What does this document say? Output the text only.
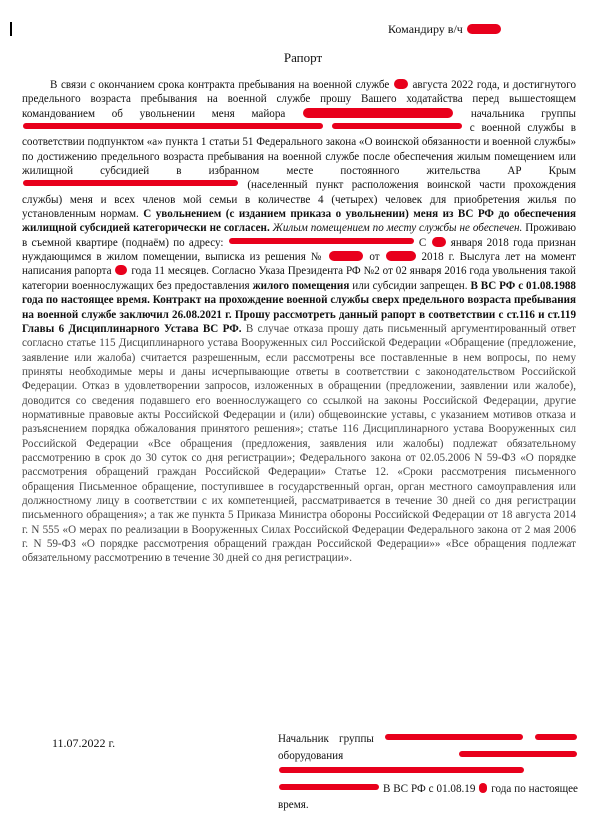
Командиру в/ч
Рапорт

В связи с окончанием срока контракта пребывания на военной службе августа 2022 года, и достигнутого предельного возраста пребывания на военной службе прошу Вашего ходатайства перед вышестоящем командованием об увольнении меня майора	начальника группы   с военной службы в соответствии подпунктом «а» пункта 1 статьи 51 Федерального закона «О воинской обязанности и военной службы» по достижению предельного возраста пребывания на военной службе после обеспечения жилым помещением или жилищной субсидией в избранном месте постоянного жительства АР Крым  (населенный пункт расположения воинской части прохождения службы) меня и всех членов мой семьи в количестве 4 (четырех) человек для приобретения жилья по установленным нормам. С увольнением (с изданием приказа о увольнении) меня из ВС РФ до обеспечения жилищной субсидией категорически не согласен. Жилым помещением по месту службы не обеспечен. Проживаю в съемной квартире (поднаём) по адресу:	С января 2018 года признан нуждающимся в жилом помещении, выписка из решения №	от	2018 г. Выслуга лет на момент написания рапорта года 11 месяцев. Согласно Указа Президента РФ №2 от 02 января 2016 года увольнения такой категории военнослужащих без предоставления жилого помещения или субсидии запрещен. В ВС РФ с 01.08.1988 года по настоящее время. Контракт на прохождение военной службы сверх предельного возраста пребывания на военной службе заключил 26.08.2021 г. Прошу рассмотреть данный рапорт в соответствии с ст.116 и ст.119 Главы 6 Дисциплинарного Устава ВС РФ. В случае отказа прошу дать письменный аргументированный ответ согласно статье 115 Дисциплинарного устава Вооруженных сил Российской Федерации «Обращение (предложение, заявление или жалоба) считается разрешенным, если рассмотрены все поставленные в нем вопросы, по нему приняты необходимые меры и даны исчерпывающие ответы в соответствии с законодательством Российской Федерации. Отказ в удовлетворении запросов, изложенных в обращении (предложении, заявлении или жалобе), доводится со сведения подавшего его военнослужащего со ссылкой на законы Российской Федерации, другие нормативные правовые акты Российской Федерации и (или) общевоинские уставы, с указанием мотивов отказа и разъяснением порядка обжалования принятого решения»; статье 116 Дисциплинарного устава Вооруженных сил Российской Федерации «Все обращения (предложения, заявления или жалобы) подлежат обязательному рассмотрению в срок до 30 суток со дня регистрации»; Федерального закона от 02.05.2006 N 59-ФЗ «О порядке рассмотрения обращений граждан Российской Федерации» Статье 12. «Сроки рассмотрения письменного обращения Письменное обращение, поступившее в государственный орган, орган местного самоуправления или должностному лицу в соответствии с их компетенцией, рассматривается в течение 30 дней со дня регистрации письменного обращения»; а так же пункта 5 Приказа Министра обороны Российской Федерации от 18 августа 2014 г. N 555 «О мерах по реализации в Вооруженных Силах Российской Федерации Федерального закона от 2 мая 2006 г. N 59-ФЗ «О порядке рассмотрения обращений граждан Российской Федерации»» «Все обращения подлежат обязательному рассмотрению в течение 30 дней со дня регистрации».

11.07.2022 г.	Начальник группы   оборудования    В ВС РФ с 01.08.19 года по настоящее время.
